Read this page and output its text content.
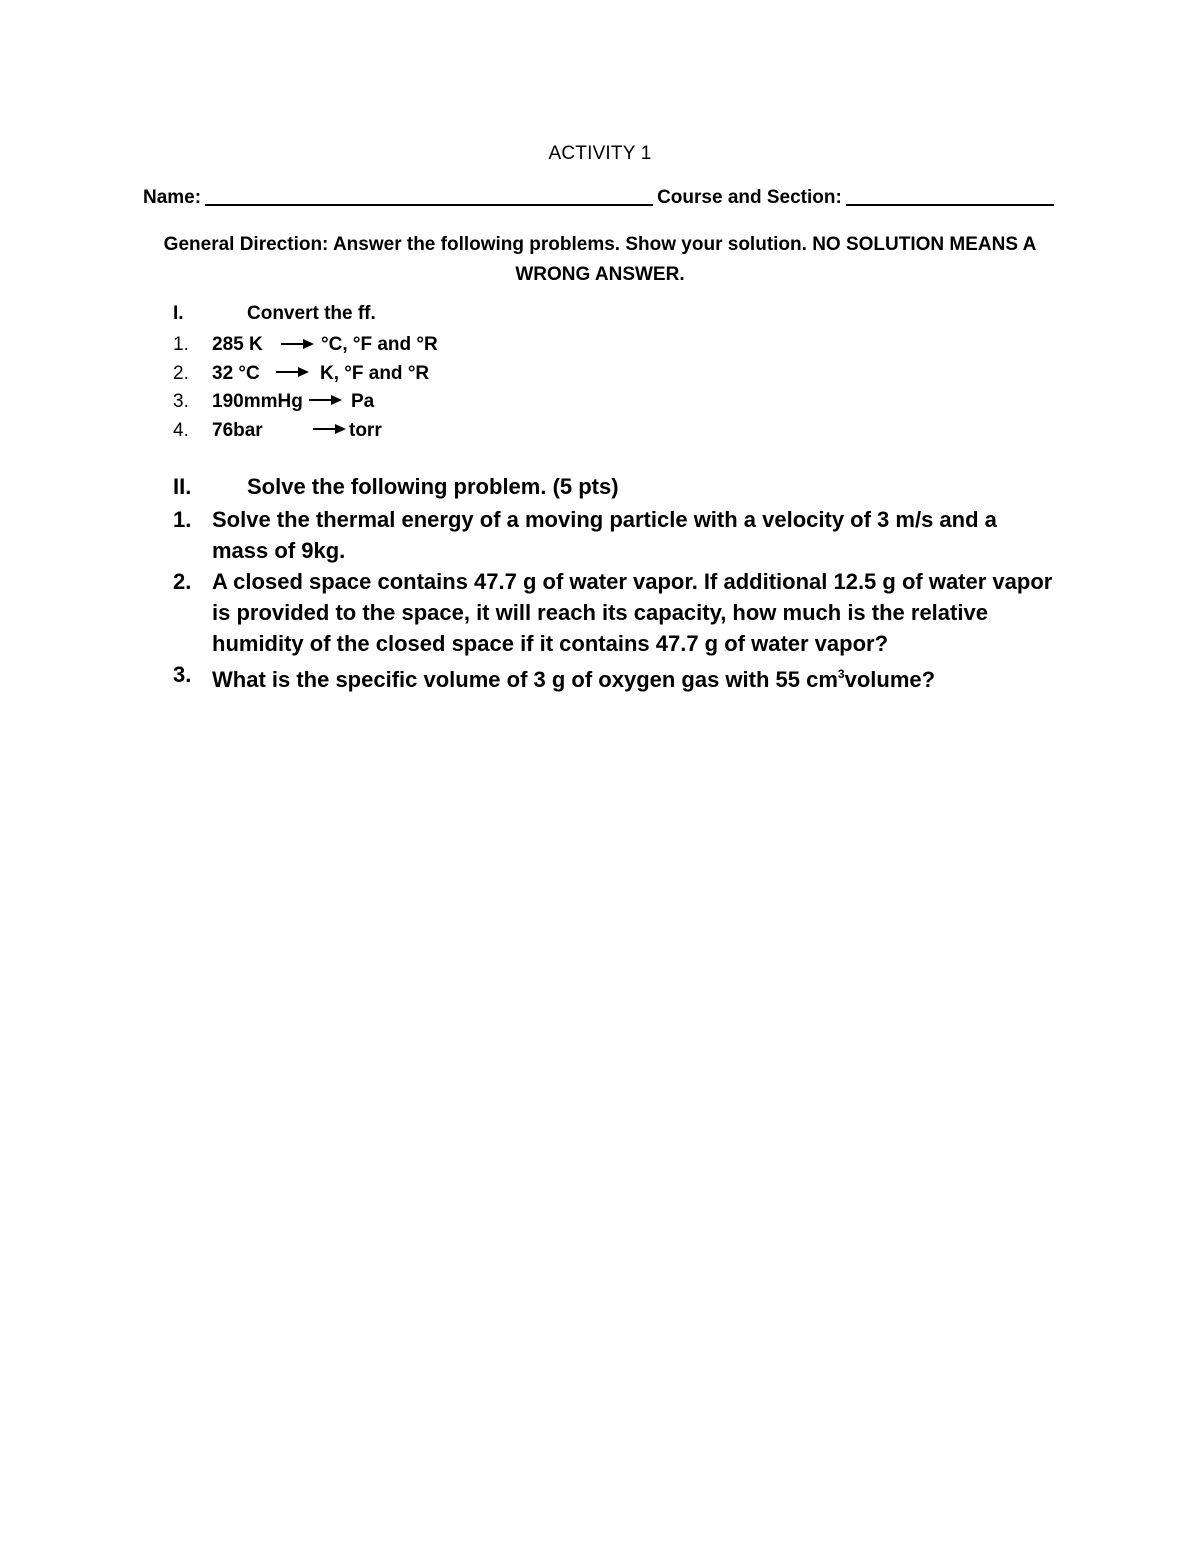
ACTIVITY 1
Name:	Course and Section:
General Direction: Answer the following problems. Show your solution. NO SOLUTION MEANS A WRONG ANSWER.
I.	Convert the ff.
1. 285 K	°C, °F and °R
2. 32 °C	K, °F and °R
3. 190mmHg	Pa
4. 76bar	torr
II.	Solve the following problem. (5 pts)
1. Solve the thermal energy of a moving particle with a velocity of 3 m/s and a mass of 9kg.
2. A closed space contains 47.7 g of water vapor. If additional 12.5 g of water vapor is provided to the space, it will reach its capacity, how much is the relative humidity of the closed space if it contains 47.7 g of water vapor?
3. What is the specific volume of 3 g of oxygen gas with 55 $cm^3volume$?
